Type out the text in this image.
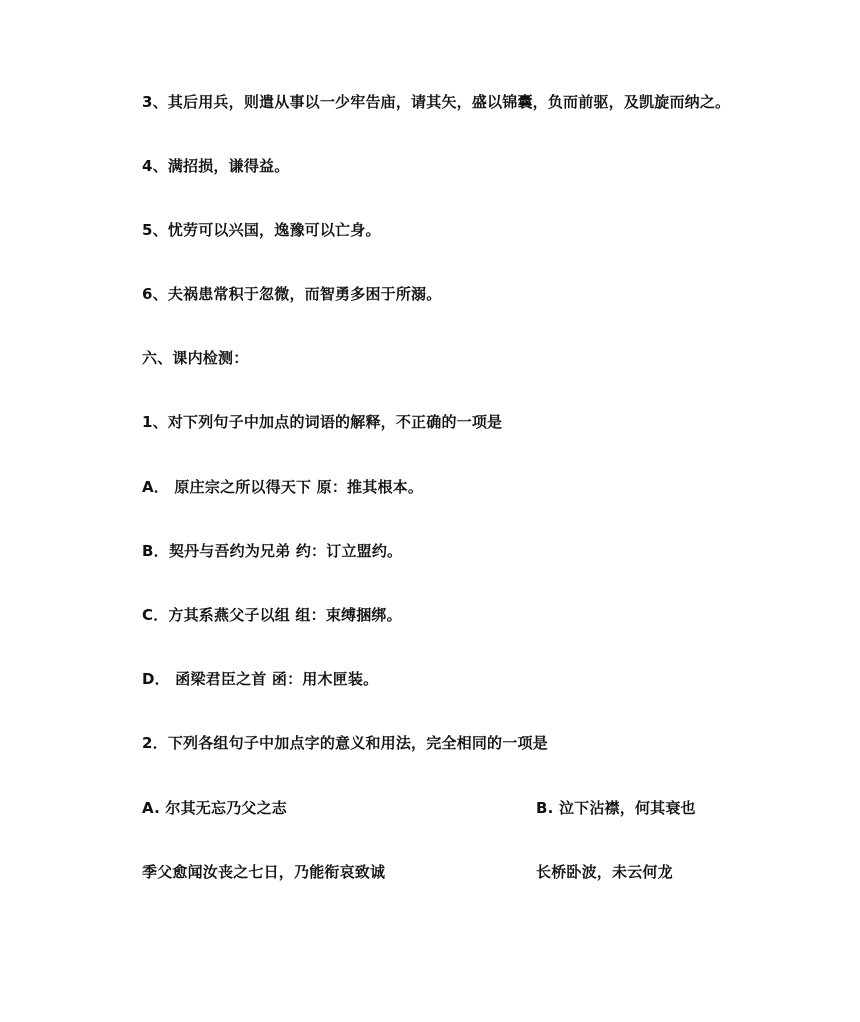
3、其后用兵，则遣从事以一少牢告庙，请其矢，盛以锦囊，负而前驱，及凯旋而纳之。
4、满招损，谦得益。
5、忧劳可以兴国，逸豫可以亡身。
6、夫祸患常积于忽微，而智勇多困于所溺。
六、课内检测：
1、对下列句子中加点的词语的解释，不正确的一项是
A． 原庄宗之所以得天下 原：推其根本。
B．契丹与吾约为兄弟 约：订立盟约。
C．方其系燕父子以组 组：束缚捆绑。
D． 函梁君臣之首 函：用木匣装。
2．下列各组句子中加点字的意义和用法，完全相同的一项是
A. 尔其无忘乃父之志	B. 泣下沾襟，何其衰也
季父愈闻汝丧之七日，乃能衔哀致诚	长桥卧波，未云何龙
